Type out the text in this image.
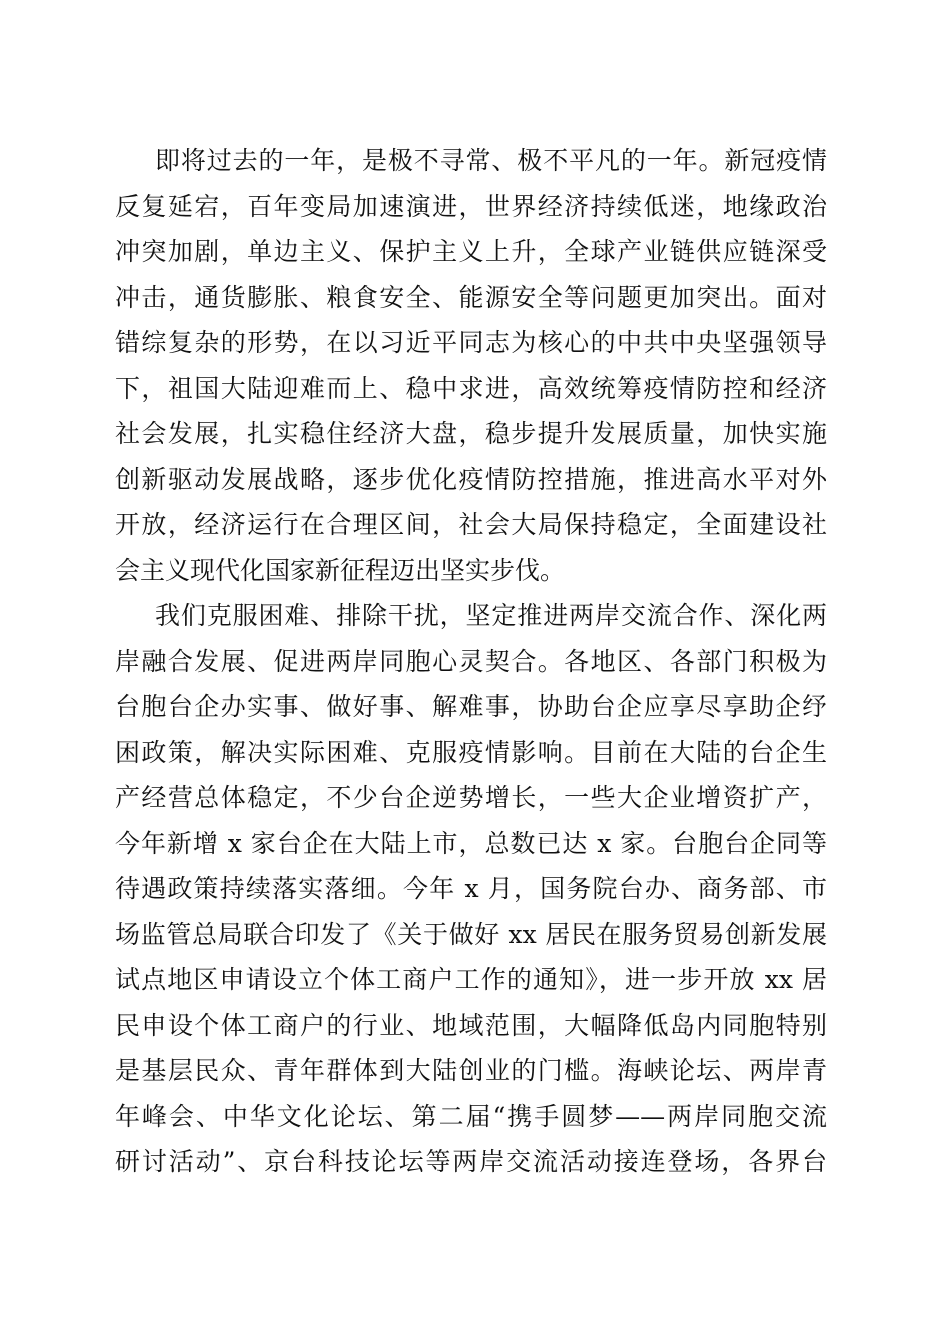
即将过去的一年，是极不寻常、极不平凡的一年。新冠疫情
反复延宕，百年变局加速演进，世界经济持续低迷，地缘政治
冲突加剧，单边主义、保护主义上升，全球产业链供应链深受
冲击，通货膨胀、粮食安全、能源安全等问题更加突出。面对
错综复杂的形势，在以习近平同志为核心的中共中央坚强领导
下，祖国大陆迎难而上、稳中求进，高效统筹疫情防控和经济
社会发展，扎实稳住经济大盘，稳步提升发展质量，加快实施
创新驱动发展战略，逐步优化疫情防控措施，推进高水平对外
开放，经济运行在合理区间，社会大局保持稳定，全面建设社
会主义现代化国家新征程迈出坚实步伐。
我们克服困难、排除干扰，坚定推进两岸交流合作、深化两
岸融合发展、促进两岸同胞心灵契合。各地区、各部门积极为
台胞台企办实事、做好事、解难事，协助台企应享尽享助企纾
困政策，解决实际困难、克服疫情影响。目前在大陆的台企生
产经营总体稳定，不少台企逆势增长，一些大企业增资扩产，
今年新增 x 家台企在大陆上市，总数已达 x 家。台胞台企同等
待遇政策持续落实落细。今年 x 月，国务院台办、商务部、市
场监管总局联合印发了《关于做好 xx 居民在服务贸易创新发展
试点地区申请设立个体工商户工作的通知》，进一步开放 xx 居
民申设个体工商户的行业、地域范围，大幅降低岛内同胞特别
是基层民众、青年群体到大陆创业的门槛。海峡论坛、两岸青
年峰会、中华文化论坛、第二届“携手圆梦——两岸同胞交流
研讨活动”、京台科技论坛等两岸交流活动接连登场，各界台
